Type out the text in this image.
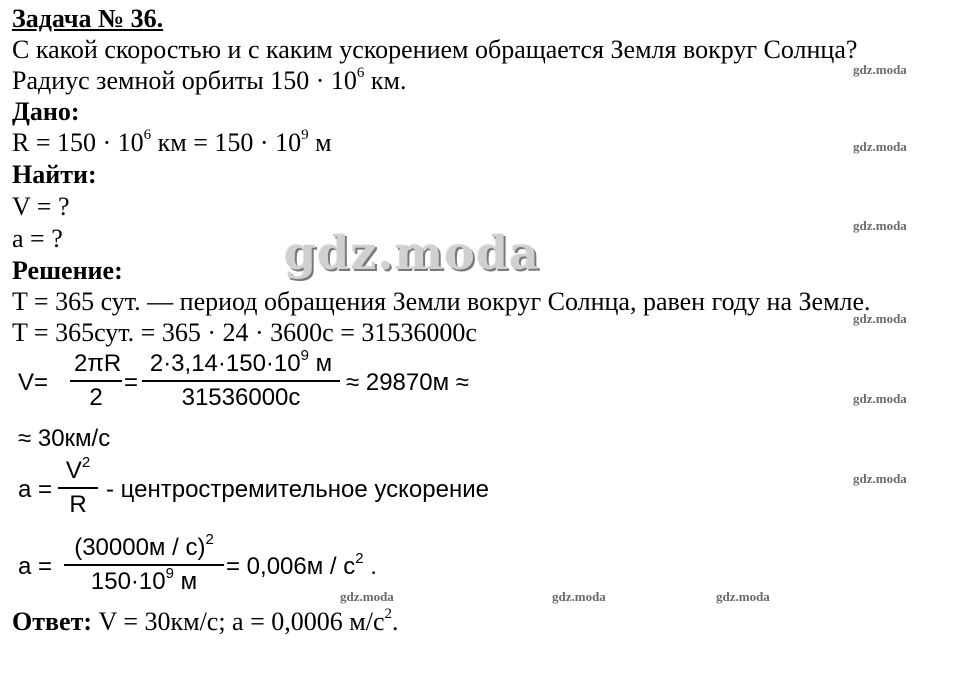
Задача № 36.
С какой скоростью и с каким ускорением обращается Земля вокруг Солнца?
Радиус земной орбиты $150 \cdot 10^6$ км.
Дано:
$R = 150 \cdot 10^6$ км = $150 \cdot 10^9$ м
Найти:
V = ?
a = ?
Решение:
T = 365 сут. — период обращения Земли вокруг Солнца, равен году на Земле.
T = 365сут. = 365 · 24 · 3600с = 31536000с
V=
2πR
2
=
$2\cdot 3,14\cdot 150\cdot 10^9$ м
31536000с
≈ 29870м ≈
≈ 30км/с
a =
$V^2$
R
- центростремительное ускорение
a =
(30000м / с)$^2$
$150\cdot 10^9$ м
= $0,006м / с^2$ .
Ответ: V = 30км/с; a = 0,0006 $м/с^2$.
gdz.moda
gdz.moda
gdz.moda
gdz.moda
gdz.moda
gdz.moda
gdz.moda
gdz.moda	gdz.moda	gdz.moda
